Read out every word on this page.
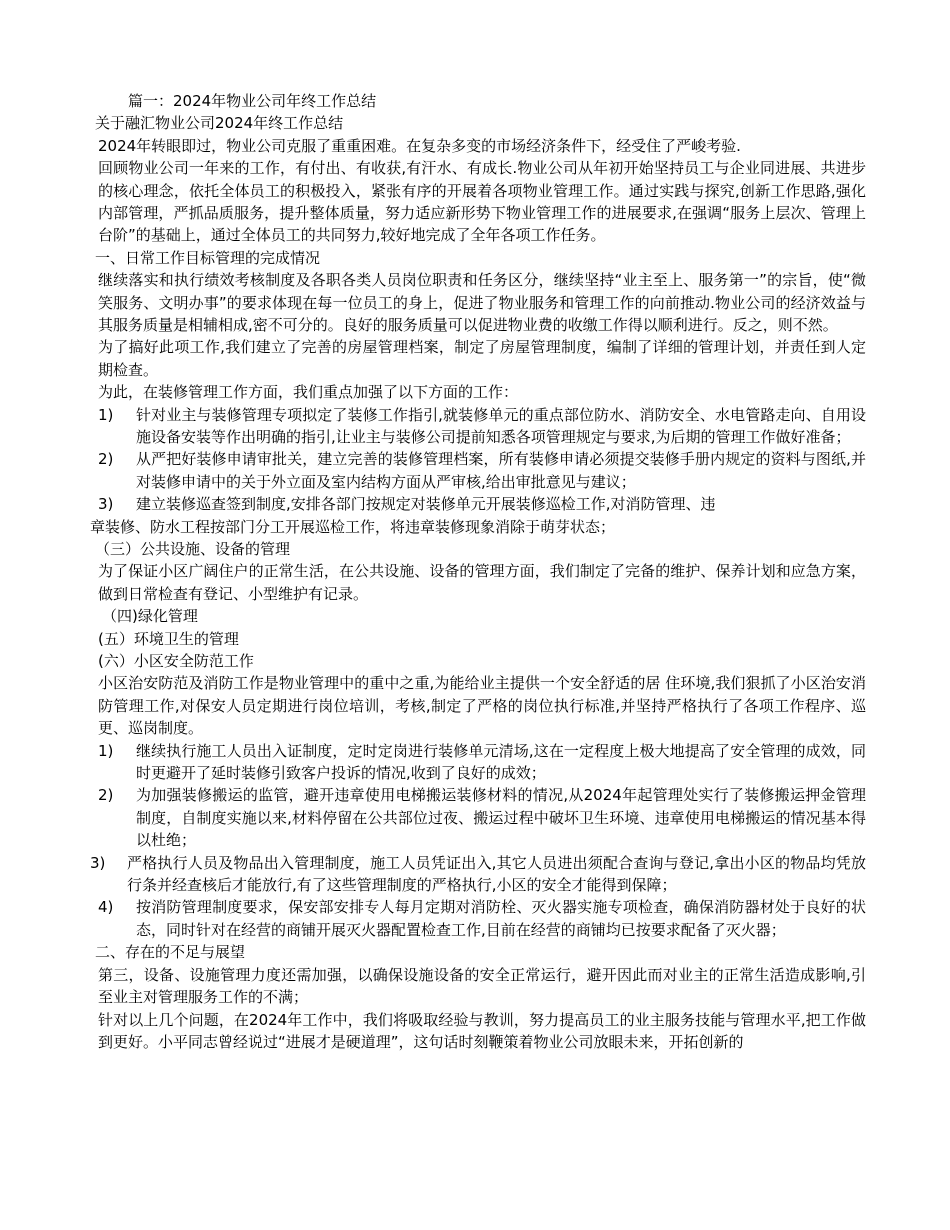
篇一：2024年物业公司年终工作总结
关于融汇物业公司2024年终工作总结

2024年转眼即过，物业公司克服了重重困难。在复杂多变的市场经济条件下，经受住了严峻考验.

回顾物业公司一年来的工作，有付出、有收获,有汗水、有成长.物业公司从年初开始坚持员工与企业同进展、共进步的核心理念，依托全体员工的积极投入，紧张有序的开展着各项物业管理工作。通过实践与探究,创新工作思路,强化内部管理，严抓品质服务，提升整体质量，努力适应新形势下物业管理工作的进展要求,在强调“服务上层次、管理上台阶”的基础上，通过全体员工的共同努力,较好地完成了全年各项工作任务。

一、日常工作目标管理的完成情况

继续落实和执行绩效考核制度及各职各类人员岗位职责和任务区分，继续坚持“业主至上、服务第一”的宗旨，使“微笑服务、文明办事”的要求体现在每一位员工的身上，促进了物业服务和管理工作的向前推动.物业公司的经济效益与其服务质量是相辅相成,密不可分的。良好的服务质量可以促进物业费的收缴工作得以顺利进行。反之，则不然。

为了搞好此项工作,我们建立了完善的房屋管理档案，制定了房屋管理制度，编制了详细的管理计划，并责任到人定期检查。

为此，在装修管理工作方面，我们重点加强了以下方面的工作：

1)	针对业主与装修管理专项拟定了装修工作指引,就装修单元的重点部位防水、消防安全、水电管路走向、自用设施设备安装等作出明确的指引,让业主与装修公司提前知悉各项管理规定与要求,为后期的管理工作做好准备；
2)	从严把好装修申请审批关，建立完善的装修管理档案，所有装修申请必须提交装修手册内规定的资料与图纸,并对装修申请中的关于外立面及室内结构方面从严审核,给出审批意见与建议；
3) 建立装修巡查签到制度,安排各部门按规定对装修单元开展装修巡检工作,对消防管理、违
章装修、防水工程按部门分工开展巡检工作，将违章装修现象消除于萌芽状态；
（三）公共设施、设备的管理

为了保证小区广阔住户的正常生活，在公共设施、设备的管理方面，我们制定了完备的维护、保养计划和应急方案，做到日常检查有登记、小型维护有记录。

（四)绿化管理
(五）环境卫生的管理
(六）小区安全防范工作

小区治安防范及消防工作是物业管理中的重中之重,为能给业主提供一个安全舒适的居 住环境,我们狠抓了小区治安消防管理工作,对保安人员定期进行岗位培训，考核,制定了严格的岗位执行标准,并坚持严格执行了各项工作程序、巡更、巡岗制度。

1)	继续执行施工人员出入证制度，定时定岗进行装修单元清场,这在一定程度上极大地提高了安全管理的成效，同时更避开了延时装修引致客户投诉的情况,收到了良好的成效；
2)	为加强装修搬运的监管，避开违章使用电梯搬运装修材料的情况,从2024年起管理处实行了装修搬运押金管理制度，自制度实施以来,材料停留在公共部位过夜、搬运过程中破坏卫生环境、违章使用电梯搬运的情况基本得以杜绝；
3)	严格执行人员及物品出入管理制度，施工人员凭证出入,其它人员进出须配合查询与登记,拿出小区的物品均凭放行条并经查核后才能放行,有了这些管理制度的严格执行,小区的安全才能得到保障；
4)	按消防管理制度要求，保安部安排专人每月定期对消防栓、灭火器实施专项检查，确保消防器材处于良好的状态，同时针对在经营的商铺开展灭火器配置检查工作,目前在经营的商铺均已按要求配备了灭火器；
二、存在的不足与展望

第三，设备、设施管理力度还需加强，以确保设施设备的安全正常运行，避开因此而对业主的正常生活造成影响,引至业主对管理服务工作的不满；

针对以上几个问题，在2024年工作中，我们将吸取经验与教训，努力提高员工的业主服务技能与管理水平,把工作做到更好。小平同志曾经说过“进展才是硬道理”，这句话时刻鞭策着物业公司放眼未来，开拓创新的
